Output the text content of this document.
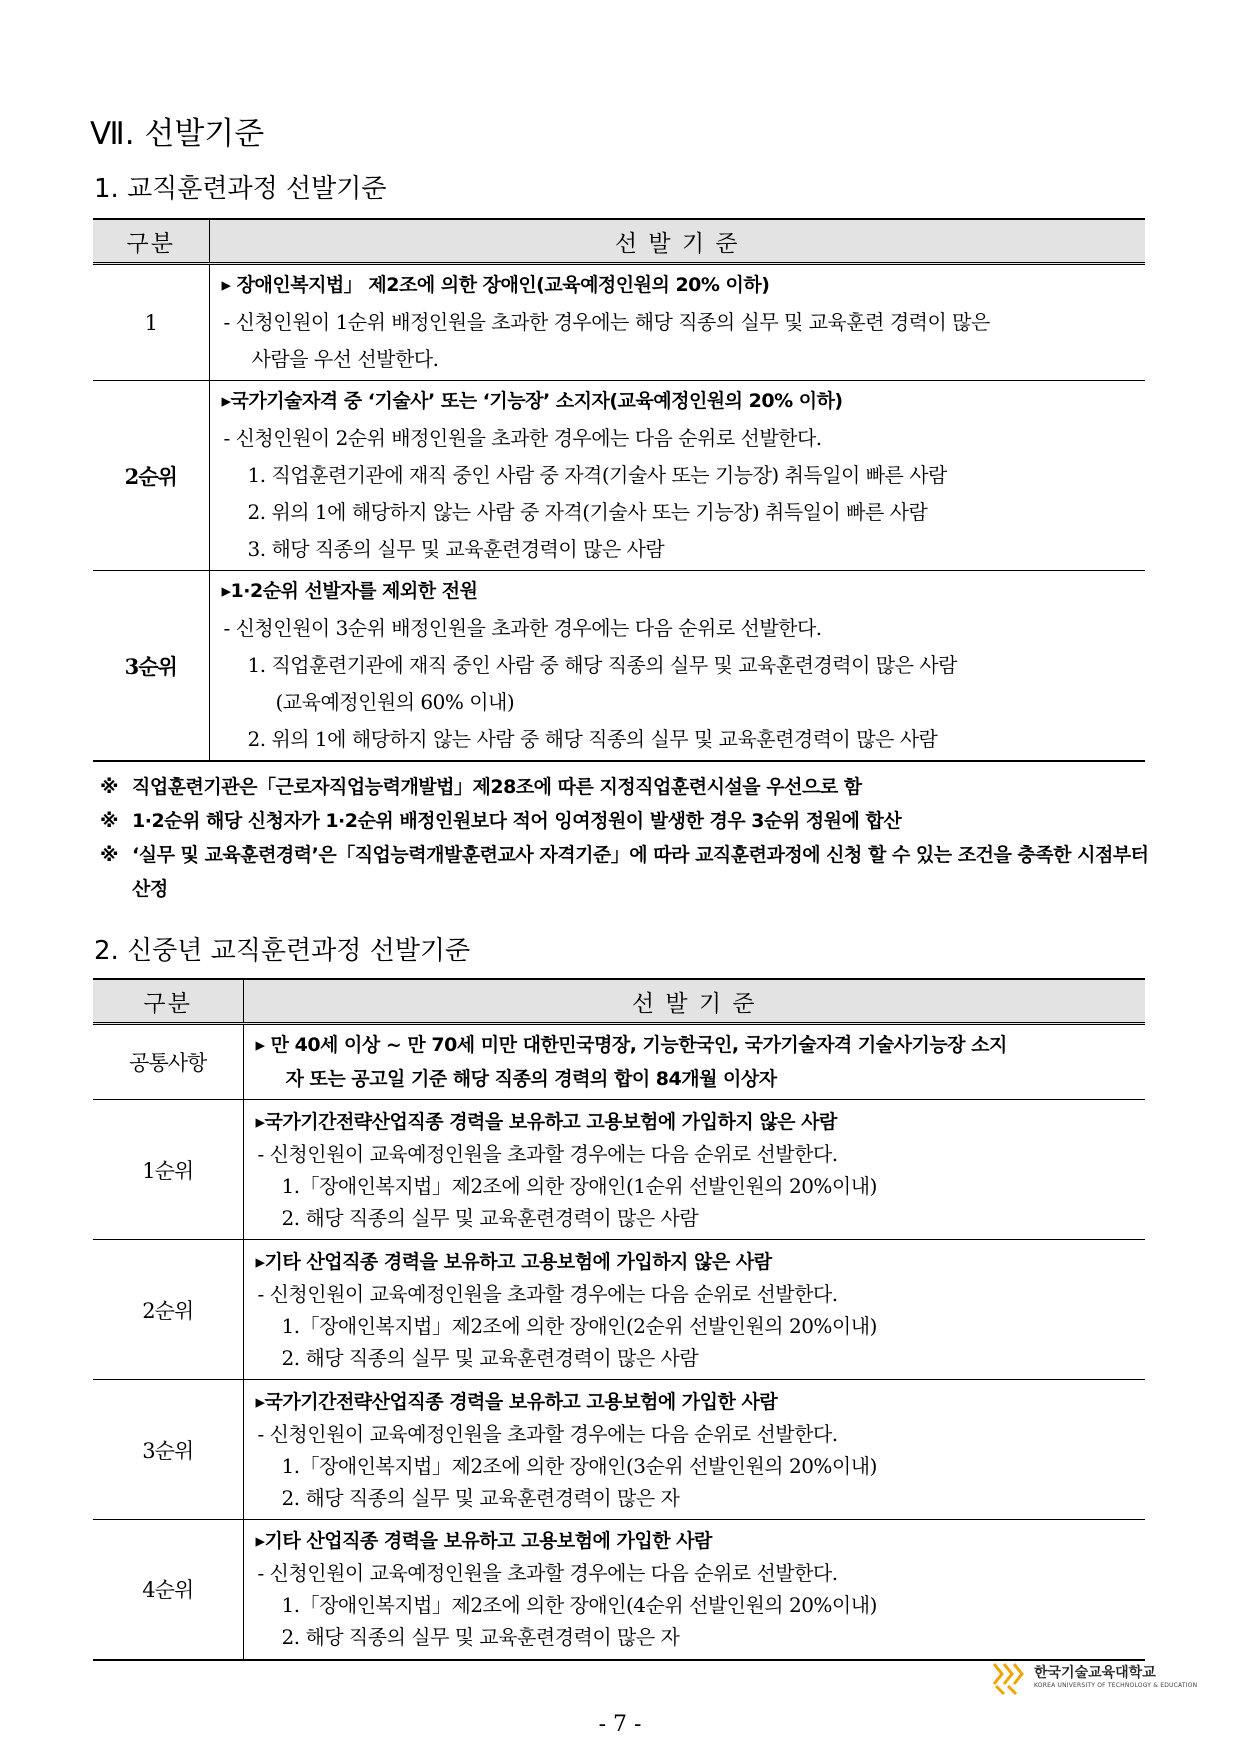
Ⅶ. 선발기준
1. 교직훈련과정 선발기준
구분	선 발 기 준
1	▸ 장애인복지법」 제2조에 의한 장애인(교육예정인원의 20% 이하)
- 신청인원이 1순위 배정인원을 초과한 경우에는 해당 직종의 실무 및 교육훈련 경력이 많은
사람을 우선 선발한다.

2순위	▸국가기술자격 중 ‘기술사’ 또는 ‘기능장’ 소지자(교육예정인원의 20% 이하)
- 신청인원이 2순위 배정인원을 초과한 경우에는 다음 순위로 선발한다.
1. 직업훈련기관에 재직 중인 사람 중 자격(기술사 또는 기능장) 취득일이 빠른 사람
2. 위의 1에 해당하지 않는 사람 중 자격(기술사 또는 기능장) 취득일이 빠른 사람
3. 해당 직종의 실무 및 교육훈련경력이 많은 사람

3순위	▸1·2순위 선발자를 제외한 전원
- 신청인원이 3순위 배정인원을 초과한 경우에는 다음 순위로 선발한다.
1. 직업훈련기관에 재직 중인 사람 중 해당 직종의 실무 및 교육훈련경력이 많은 사람
(교육예정인원의 60% 이내)
2. 위의 1에 해당하지 않는 사람 중 해당 직종의 실무 및 교육훈련경력이 많은 사람
※ 직업훈련기관은「근로자직업능력개발법」제28조에 따른 지정직업훈련시설을 우선으로 함
※ 1·2순위 해당 신청자가 1·2순위 배정인원보다 적어 잉여정원이 발생한 경우 3순위 정원에 합산
※ ‘실무 및 교육훈련경력’은「직업능력개발훈련교사 자격기준」에 따라 교직훈련과정에 신청 할 수 있는 조건을 충족한 시점부터 산정
2. 신중년 교직훈련과정 선발기준
구분	선 발 기 준
공통사항	▸ 만 40세 이상 ~ 만 70세 미만 대한민국명장, 기능한국인, 국가기술자격 기술사기능장 소지
자 또는 공고일 기준 해당 직종의 경력의 합이 84개월 이상자

1순위	▸국가기간전략산업직종 경력을 보유하고 고용보험에 가입하지 않은 사람
- 신청인원이 교육예정인원을 초과할 경우에는 다음 순위로 선발한다.
1.「장애인복지법」제2조에 의한 장애인(1순위 선발인원의 20%이내)
2. 해당 직종의 실무 및 교육훈련경력이 많은 사람

2순위	▸기타 산업직종 경력을 보유하고 고용보험에 가입하지 않은 사람
- 신청인원이 교육예정인원을 초과할 경우에는 다음 순위로 선발한다.
1.「장애인복지법」제2조에 의한 장애인(2순위 선발인원의 20%이내)
2. 해당 직종의 실무 및 교육훈련경력이 많은 사람

3순위	▸국가기간전략산업직종 경력을 보유하고 고용보험에 가입한 사람
- 신청인원이 교육예정인원을 초과할 경우에는 다음 순위로 선발한다.
1.「장애인복지법」제2조에 의한 장애인(3순위 선발인원의 20%이내)
2. 해당 직종의 실무 및 교육훈련경력이 많은 자

4순위	▸기타 산업직종 경력을 보유하고 고용보험에 가입한 사람
- 신청인원이 교육예정인원을 초과할 경우에는 다음 순위로 선발한다.
1.「장애인복지법」제2조에 의한 장애인(4순위 선발인원의 20%이내)
2. 해당 직종의 실무 및 교육훈련경력이 많은 자
한국기술교육대학교
KOREA UNIVERSITY OF TECHNOLOGY & EDUCATION
- 7 -
